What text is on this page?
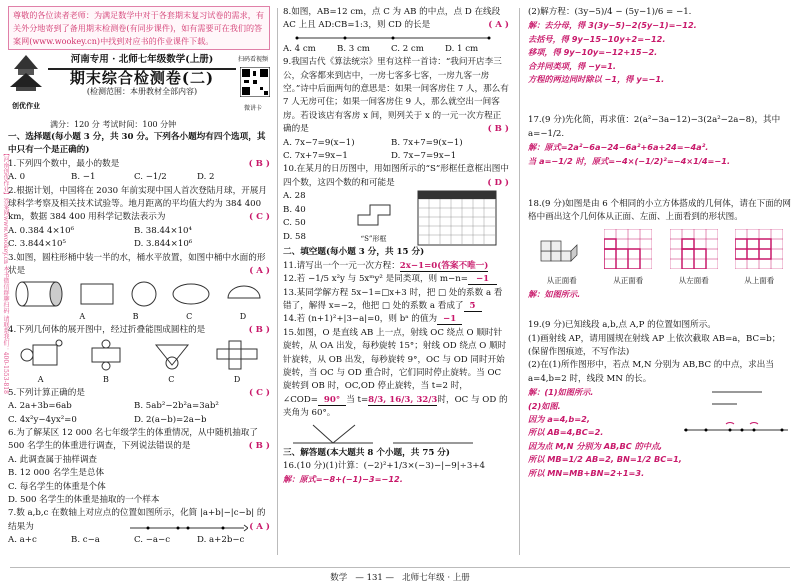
【河南创优作业】答案网www.wookey.cn 本书微信群聊扫码 请联系我们：400-1553-818
尊敬的各位读者老师：为满足数学中对于各套期末复习试卷的需求，有关外分地寄到了备用期末检测卷(有同步课件)，如有需要可在我们的答案网(www.wookey.cn)中找到对应书的作业课件下载。
创优作业
河南专用 · 北师七年级数学(上册)
期末综合检测卷(二)
(检测范围：本册教材全部内容)
扫码看视频
微讲卡
满分：120 分 考试时间：100 分钟
一、选择题(每小题 3 分，共 30 分。下列各小题均有四个选项，其中只有一个是正确的)

1.下列四个数中，最小的数是	( B )

A. 0	B. −1	C. −1/2	D. 2

2.根据计划，中国将在 2030 年前实现中国人首次登陆月球，开展月球科学考察及相关技术试验等。地月距离的平均值大约为 384 400 km，数据 384 400 用科学记数法表示为	( C )

A. 0.384 4×10⁶	B. 38.44×10⁴
C. 3.844×10⁵	D. 3.844×10⁶

3.如图，圆柱形桶中装一半的水，桶水平放置，如图中桶中水面的形状是	( A )

A	B	C	D

4.下列几何体的展开图中，经过折叠能围成圆柱的是	( B )

A	B	C	D

5.下列计算正确的是	( C )

A. 2a+3b=6ab	B. 5ab²−2b²a=3ab²
C. 4x²y−4yx²=0	D. 2(a−b)=2a−b

6.为了解某区 12 000 名七年级学生的体重情况，从中随机抽取了 500 名学生的体重进行调查，下列说法错误的是	( B )

A. 此调查属于抽样调查
B. 12 000 名学生是总体
C. 每名学生的体重是个体
D. 500 名学生的体重是抽取的一个样本

7.数 a,b,c 在数轴上对应点的位置如图所示，化简 |a+b|−|c−b| 的结果为	( A )

A. a+c	B. c−a	C. −a−c	D. a+2b−c

8.如图，AB=12 cm，点 C 为 AB 的中点，点 D 在线段 AC 上且 AD:CB=1:3，则 CD 的长是	( A )

A. 4 cm	B. 3 cm	C. 2 cm	D. 1 cm

9.我国古代《算法统宗》里有这样一首诗：“我问开店李三公，众客都来到店中，一房七客多七客，一房九客一房空。”诗中后面两句的意思是：如果一间客房住 7 人，那么有 7 人无房可住；如果一间客房住 9 人，那么就空出一间客房。若设该店有客房 x 间，则列关于 x 的一元一次方程正确的是	( B )

A. 7x−7=9(x−1)	B. 7x+7=9(x−1)
C. 7x+7=9x−1	D. 7x−7=9x−1

10.在某月的日历图中，用如图所示的“S”形框任意框出图中四个数，这四个数的和可能是	( D )

A. 28
B. 40
C. 50
D. 58	“S”形框
二、填空题(每小题 3 分，共 15 分)

11.请写出一个一元一次方程：2x−1=0(答案不唯一)

12.若 −1/5 x²y 与 5xᵐy² 是同类项，则 m−n= −1

13.某同学解方程 5x−1=□x+3 时，把 □ 处的系数 a 看错了，解得 x=−2，他把 □ 处的系数 a 看成了 5

14.若 (n+1)²+|3−a|=0，则 bᵃ 的值为 −1

15.如图，O 是直线 AB 上一点，射线 OC 绕点 O 顺时针旋转，从 OA 出发，每秒旋转 15°；射线 OD 绕点 O 顺时针旋转，从 OB 出发，每秒旋转 9°，OC 与 OD 同时开始旋转，当 OC 与 OD 重合时，它们同时停止旋转。当 OC 旋转到 OB 时，OC,OD 停止旋转，当 t=2 时，∠COD= 90° 当 t=8/3, 16/3, 32/3时，OC 与 OD 的夹角为 60°。

三、解答题(本大题共 8 个小题，共 75 分)

16.(10 分)(1)计算：(−2)²+1/3×(−3)−|−9|÷3+4

解：原式=−8+(−1)−3=−12.

(2)解方程：(3y−5)/4 − (5y−1)/6 = −1.

解：去分母，得 3(3y−5)−2(5y−1)=−12.

去括号，得 9y−15−10y+2=−12.

移项，得 9y−10y=−12+15−2.

合并同类项，得 −y=1.

方程的两边同时除以 −1，得 y=−1.

17.(9 分)先化简，再求值：2(a²−3a−12)−3(2a²−2a−8)，其中 a=−1/2.

解：原式=2a²−6a−24−6a²+6a+24=−4a².

当 a=−1/2 时，原式=−4×(−1/2)²=−4×1/4=−1.

18.(9 分)如图是由 6 个相同的小立方体搭成的几何体，请在下面的网格中画出这个几何体从正面、左面、上面看到的形状图。

从正面看	从正面看	从左面看	从上面看

解：如图所示.

19.(9 分)已知线段 a,b,点 A,P 的位置如图所示。

(1)画射线 AP，请用圆规在射线 AP 上依次截取 AB=a，BC=b；(保留作图痕迹，不写作法)

(2)在(1)所作图形中，若点 M,N 分别为 AB,BC 的中点，求出当 a=4,b=2 时，线段 MN 的长。

解：(1)如图所示.

(2)如图.

因为 a=4,b=2,

所以 AB=4,BC=2.

因为点 M,N 分别为 AB,BC 的中点,

所以 MB=1/2 AB=2, BN=1/2 BC=1,

所以 MN=MB+BN=2+1=3.

数学 — 131 — 北师七年级 · 上册
